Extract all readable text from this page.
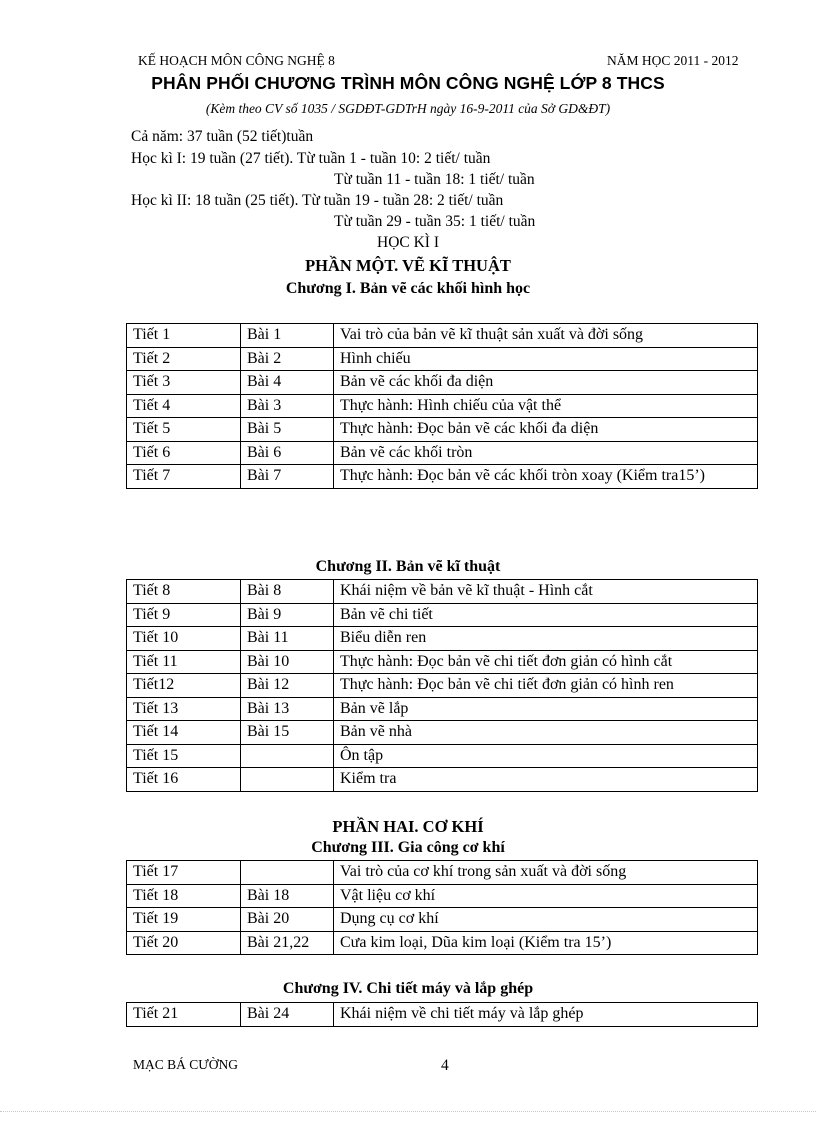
KẾ HOẠCH MÔN CÔNG NGHỆ 8	NĂM HỌC 2011 - 2012
PHÂN PHỐI CHƯƠNG TRÌNH MÔN CÔNG NGHỆ LỚP 8 THCS
(Kèm theo CV số 1035 / SGDĐT-GDTrH ngày 16-9-2011 của Sở GD&ĐT)
Cả năm: 37 tuần (52 tiết)tuần
Học kì I: 19 tuần (27 tiết). Từ tuần 1 - tuần 10: 2 tiết/ tuần
Từ tuần 11 - tuần 18: 1 tiết/ tuần
Học kì II: 18 tuần (25 tiết). Từ tuần 19 - tuần 28: 2 tiết/ tuần
Từ tuần 29 - tuần 35: 1 tiết/ tuần
HỌC KÌ I
PHẦN MỘT. VẼ KĨ THUẬT
Chương I. Bản vẽ các khối hình học
Tiết 1	Bài 1	Vai trò của bản vẽ kĩ thuật sản xuất và đời sống
Tiết 2	Bài 2	Hình chiếu
Tiết 3	Bài 4	Bản vẽ các khối đa diện
Tiết 4	Bài 3	Thực hành: Hình chiếu của vật thể
Tiết 5	Bài 5	Thực hành: Đọc bản vẽ các khối đa diện
Tiết 6	Bài 6	Bản vẽ các khối tròn
Tiết 7	Bài 7	Thực hành: Đọc bản vẽ các khối tròn xoay (Kiểm tra15’)
Chương II. Bản vẽ kĩ thuật
Tiết 8	Bài 8	Khái niệm về bản vẽ kĩ thuật - Hình cắt
Tiết 9	Bài 9	Bản vẽ chi tiết
Tiết 10	Bài 11	Biểu diễn ren
Tiết 11	Bài 10	Thực hành: Đọc bản vẽ chi tiết đơn giản có hình cắt
Tiết12	Bài 12	Thực hành: Đọc bản vẽ chi tiết đơn giản có hình ren
Tiết 13	Bài 13	Bản vẽ lắp
Tiết 14	Bài 15	Bản vẽ nhà
Tiết 15		Ôn tập
Tiết 16		Kiểm tra
PHẦN HAI. CƠ KHÍ
Chương III. Gia công cơ khí
Tiết 17		Vai trò của cơ khí trong sản xuất và đời sống
Tiết 18	Bài 18	Vật liệu cơ khí
Tiết 19	Bài 20	Dụng cụ cơ khí
Tiết 20	Bài 21,22	Cưa kim loại, Dũa kim loại (Kiểm tra 15’)
Chương IV. Chi tiết máy và lắp ghép
Tiết 21	Bài 24	Khái niệm về chi tiết máy và lắp ghép
MẠC BÁ CƯỜNG	4
